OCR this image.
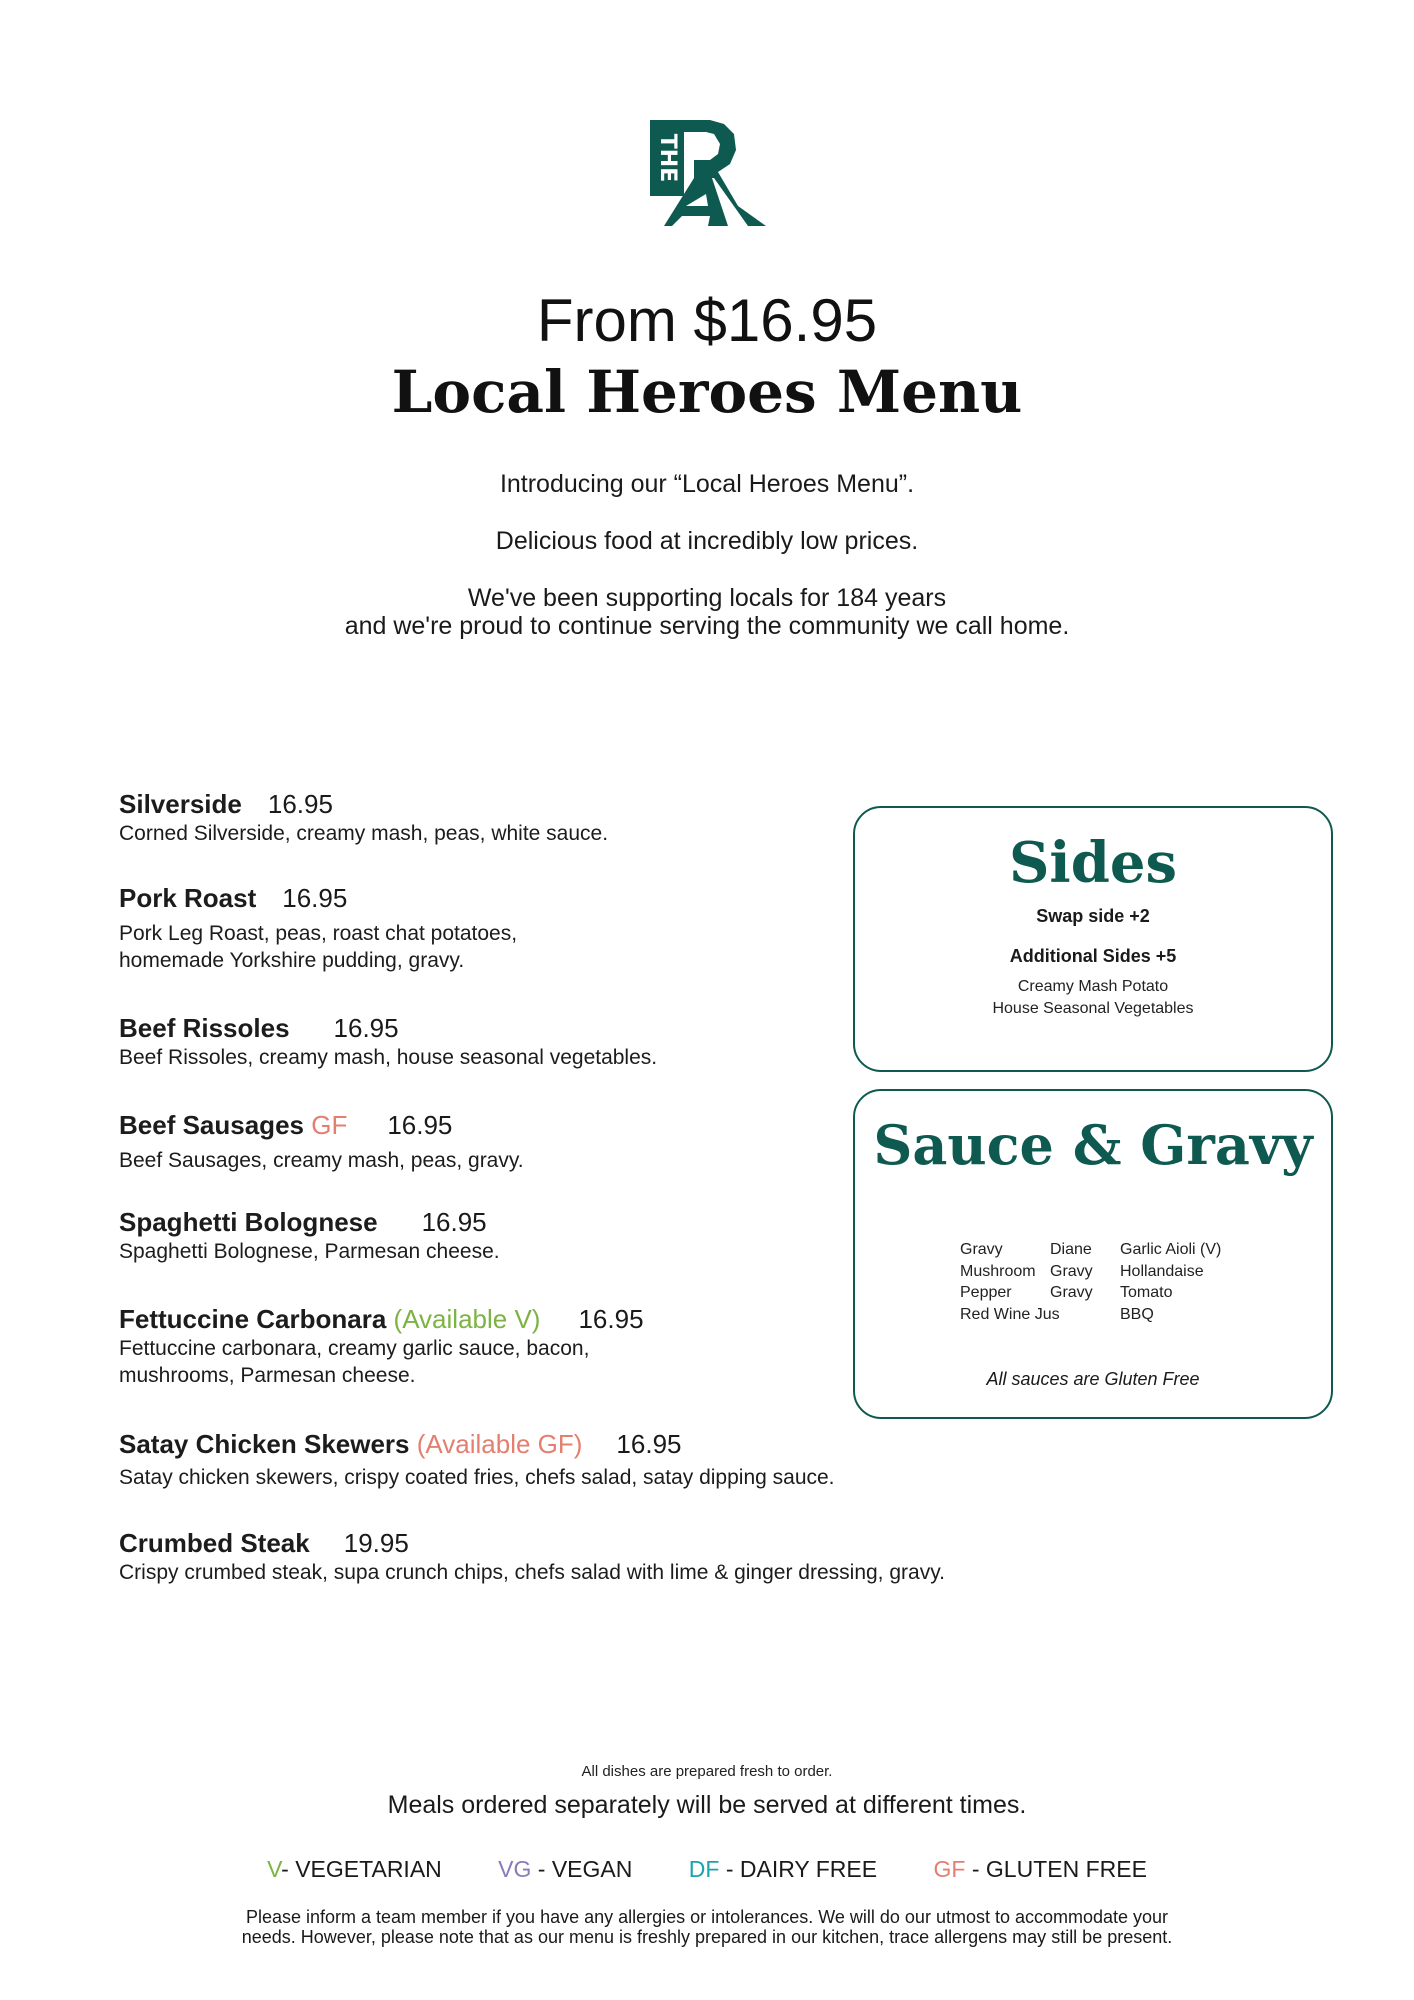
THE
From $16.95
Local Heroes Menu
Introducing our “Local Heroes Menu”.
Delicious food at incredibly low prices.
We've been supporting locals for 184 years
and we're proud to continue serving the community we call home.
Silverside 16.95
Corned Silverside, creamy mash, peas, white sauce.
Pork Roast 16.95
Pork Leg Roast, peas, roast chat potatoes,
homemade Yorkshire pudding, gravy.
Beef Rissoles 16.95
Beef Rissoles, creamy mash, house seasonal vegetables.
Beef Sausages GF 16.95
Beef Sausages, creamy mash, peas, gravy.
Spaghetti Bolognese 16.95
Spaghetti Bolognese, Parmesan cheese.
Fettuccine Carbonara (Available V) 16.95
Fettuccine carbonara, creamy garlic sauce, bacon,
mushrooms, Parmesan cheese.
Satay Chicken Skewers (Available GF) 16.95
Satay chicken skewers, crispy coated fries, chefs salad, satay dipping sauce.
Crumbed Steak 19.95
Crispy crumbed steak, supa crunch chips, chefs salad with lime & ginger dressing, gravy.
Sides
Swap side +2
Additional Sides +5
Creamy Mash Potato
House Seasonal Vegetables
Sauce & Gravy
Gravy
Mushroom
Pepper
Red Wine Jus
Diane
Gravy
Gravy
Garlic Aioli (V)
Hollandaise
Tomato
BBQ
All sauces are Gluten Free
All dishes are prepared fresh to order.
Meals ordered separately will be served at different times.
V- VEGETARIAN VG - VEGAN DF - DAIRY FREE GF - GLUTEN FREE
Please inform a team member if you have any allergies or intolerances. We will do our utmost to accommodate your
needs. However, please note that as our menu is freshly prepared in our kitchen, trace allergens may still be present.
